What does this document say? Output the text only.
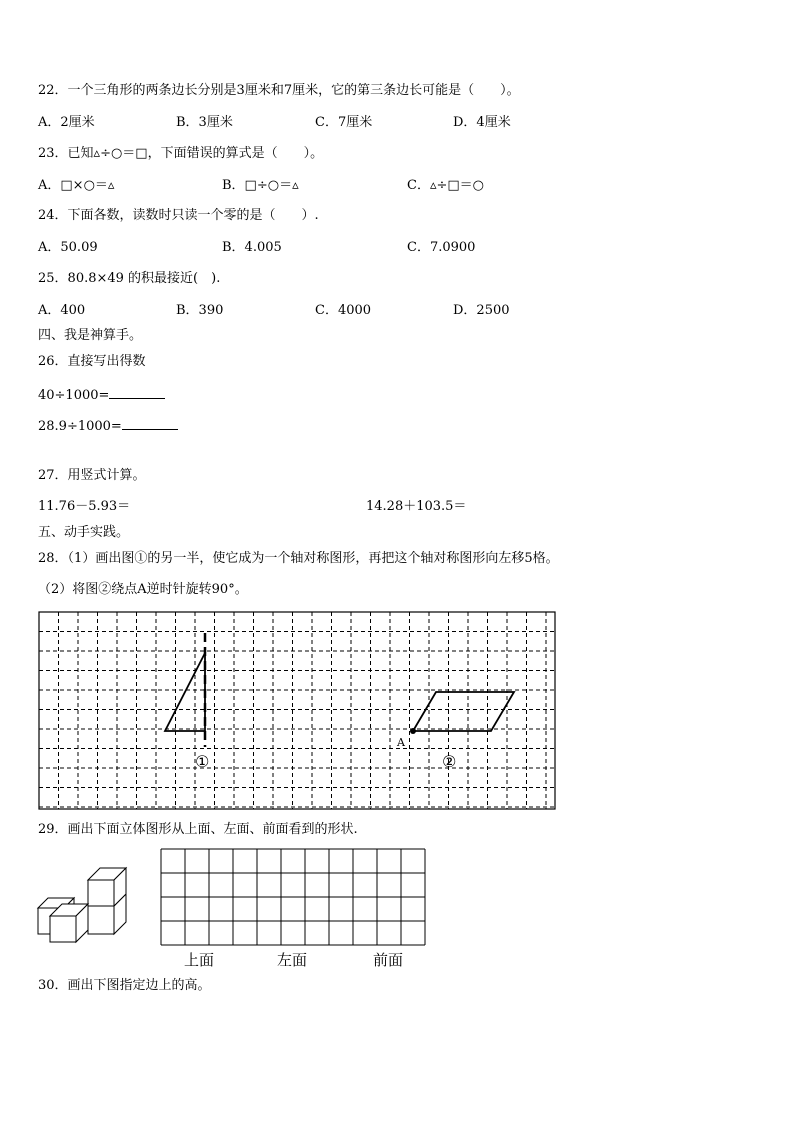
22．一个三角形的两条边长分别是3厘米和7厘米，它的第三条边长可能是（　　）。
A．2厘米	B．3厘米	C．7厘米	D．4厘米
23．已知▵÷○＝□，下面错误的算式是（　　）。
A．□×○＝▵	B．□÷○＝▵	C．▵÷□＝○
24．下面各数，读数时只读一个零的是（　　）.
A．50.09	B．4.005	C．7.0900
25．80.8×49 的积最接近(　).
A．400	B．390	C．4000	D．2500
四、我是神算手。
26．直接写出得数
40÷1000=
28.9÷1000=
27．用竖式计算。
11.76－5.93＝	14.28＋103.5＝
五、动手实践。
28．（1）画出图①的另一半，使它成为一个轴对称图形，再把这个轴对称图形向左移5格。
（2）将图②绕点A逆时针旋转90°。
A
①	②
29．画出下面立体图形从上面、左面、前面看到的形状.
上面	左面	前面
30．画出下图指定边上的高。
